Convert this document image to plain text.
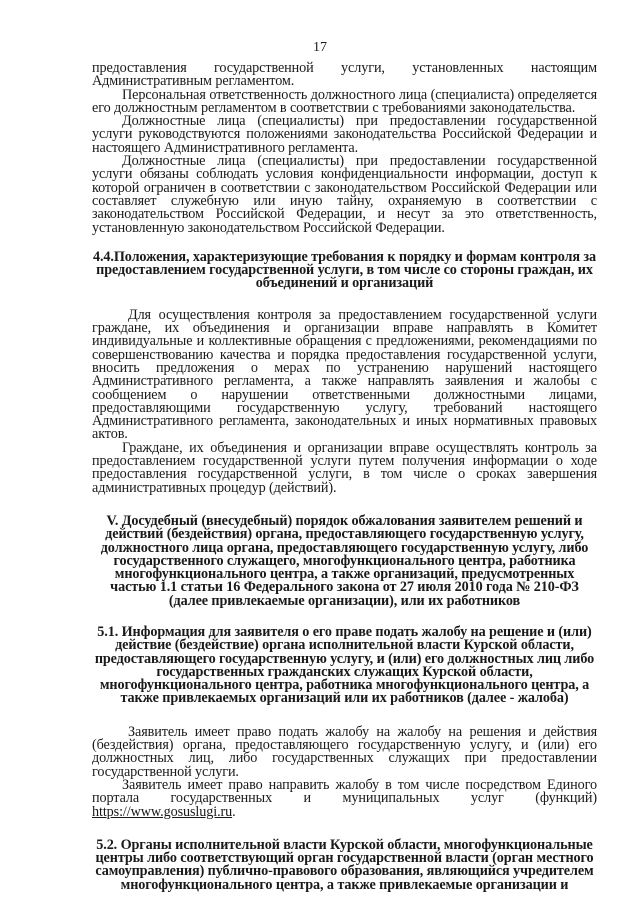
17

предоставления государственной услуги, установленных настоящим Административным регламентом.

Персональная ответственность должностного лица (специалиста) определяется его должностным регламентом в соответствии с требованиями законодательства.

Должностные лица (специалисты) при предоставлении государственной услуги руководствуются положениями законодательства Российской Федерации и настоящего Административного регламента.

Должностные лица (специалисты) при предоставлении государственной услуги обязаны соблюдать условия конфиденциальности информации, доступ к которой ограничен в соответствии с законодательством Российской Федерации или составляет служебную или иную тайну, охраняемую в соответствии с законодательством Российской Федерации, и несут за это ответственность, установленную законодательством Российской Федерации.

4.4.Положения, характеризующие требования к порядку и формам контроля за предоставлением государственной услуги, в том числе со стороны граждан, их объединений и организаций

Для осуществления контроля за предоставлением государственной услуги граждане, их объединения и организации вправе направлять в Комитет индивидуальные и коллективные обращения с предложениями, рекомендациями по совершенствованию качества и порядка предоставления государственной услуги, вносить предложения о мерах по устранению нарушений настоящего Административного регламента, а также направлять заявления и жалобы с сообщением о нарушении ответственными должностными лицами, предоставляющими государственную услугу, требований настоящего Административного регламента, законодательных и иных нормативных правовых актов.

Граждане, их объединения и организации вправе осуществлять контроль за предоставлением государственной услуги путем получения информации о ходе предоставления государственной услуги, в том числе о сроках завершения административных процедур (действий).

V. Досудебный (внесудебный) порядок обжалования заявителем решений и действий (бездействия) органа, предоставляющего государственную услугу, должностного лица органа, предоставляющего государственную услугу, либо государственного служащего, многофункционального центра, работника многофункционального центра, а также организаций, предусмотренных частью 1.1 статьи 16 Федерального закона от 27 июля 2010 года № 210-ФЗ (далее привлекаемые организации), или их работников
5.1. Информация для заявителя о его праве подать жалобу на решение и (или) действие (бездействие) органа исполнительной власти Курской области, предоставляющего государственную услугу, и (или) его должностных лиц либо государственных гражданских служащих Курской области, многофункционального центра, работника многофункционального центра, а также привлекаемых организаций или их работников (далее - жалоба)

Заявитель имеет право подать жалобу на жалобу на решения и действия (бездействия) органа, предоставляющего государственную услугу, и (или) его должностных лиц, либо государственных служащих при предоставлении государственной услуги.

Заявитель имеет право направить жалобу в том числе посредством Единого портала государственных и муниципальных услуг (функций) https://www.gosuslugi.ru.

5.2. Органы исполнительной власти Курской области, многофункциональные центры либо соответствующий орган государственной власти (орган местного самоуправления) публично-правового образования, являющийся учредителем многофункционального центра, а также привлекаемые организации и
